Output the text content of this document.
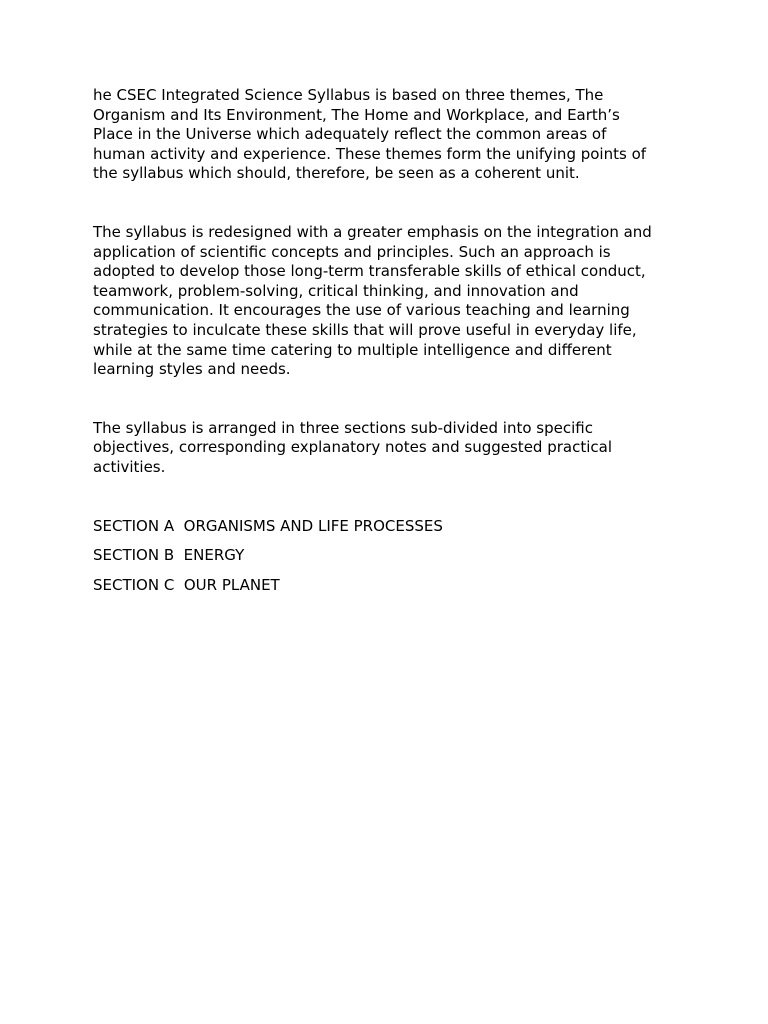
he CSEC Integrated Science Syllabus is based on three themes, The
Organism and Its Environment, The Home and Workplace, and Earth’s
Place in the Universe which adequately reflect the common areas of
human activity and experience. These themes form the unifying points of
the syllabus which should, therefore, be seen as a coherent unit.

The syllabus is redesigned with a greater emphasis on the integration and
application of scientific concepts and principles. Such an approach is
adopted to develop those long-term transferable skills of ethical conduct,
teamwork, problem-solving, critical thinking, and innovation and
communication. It encourages the use of various teaching and learning
strategies to inculcate these skills that will prove useful in everyday life,
while at the same time catering to multiple intelligence and different
learning styles and needs.

The syllabus is arranged in three sections sub-divided into specific
objectives, corresponding explanatory notes and suggested practical
activities.

SECTION A  ORGANISMS AND LIFE PROCESSES

SECTION B  ENERGY

SECTION C  OUR PLANET
